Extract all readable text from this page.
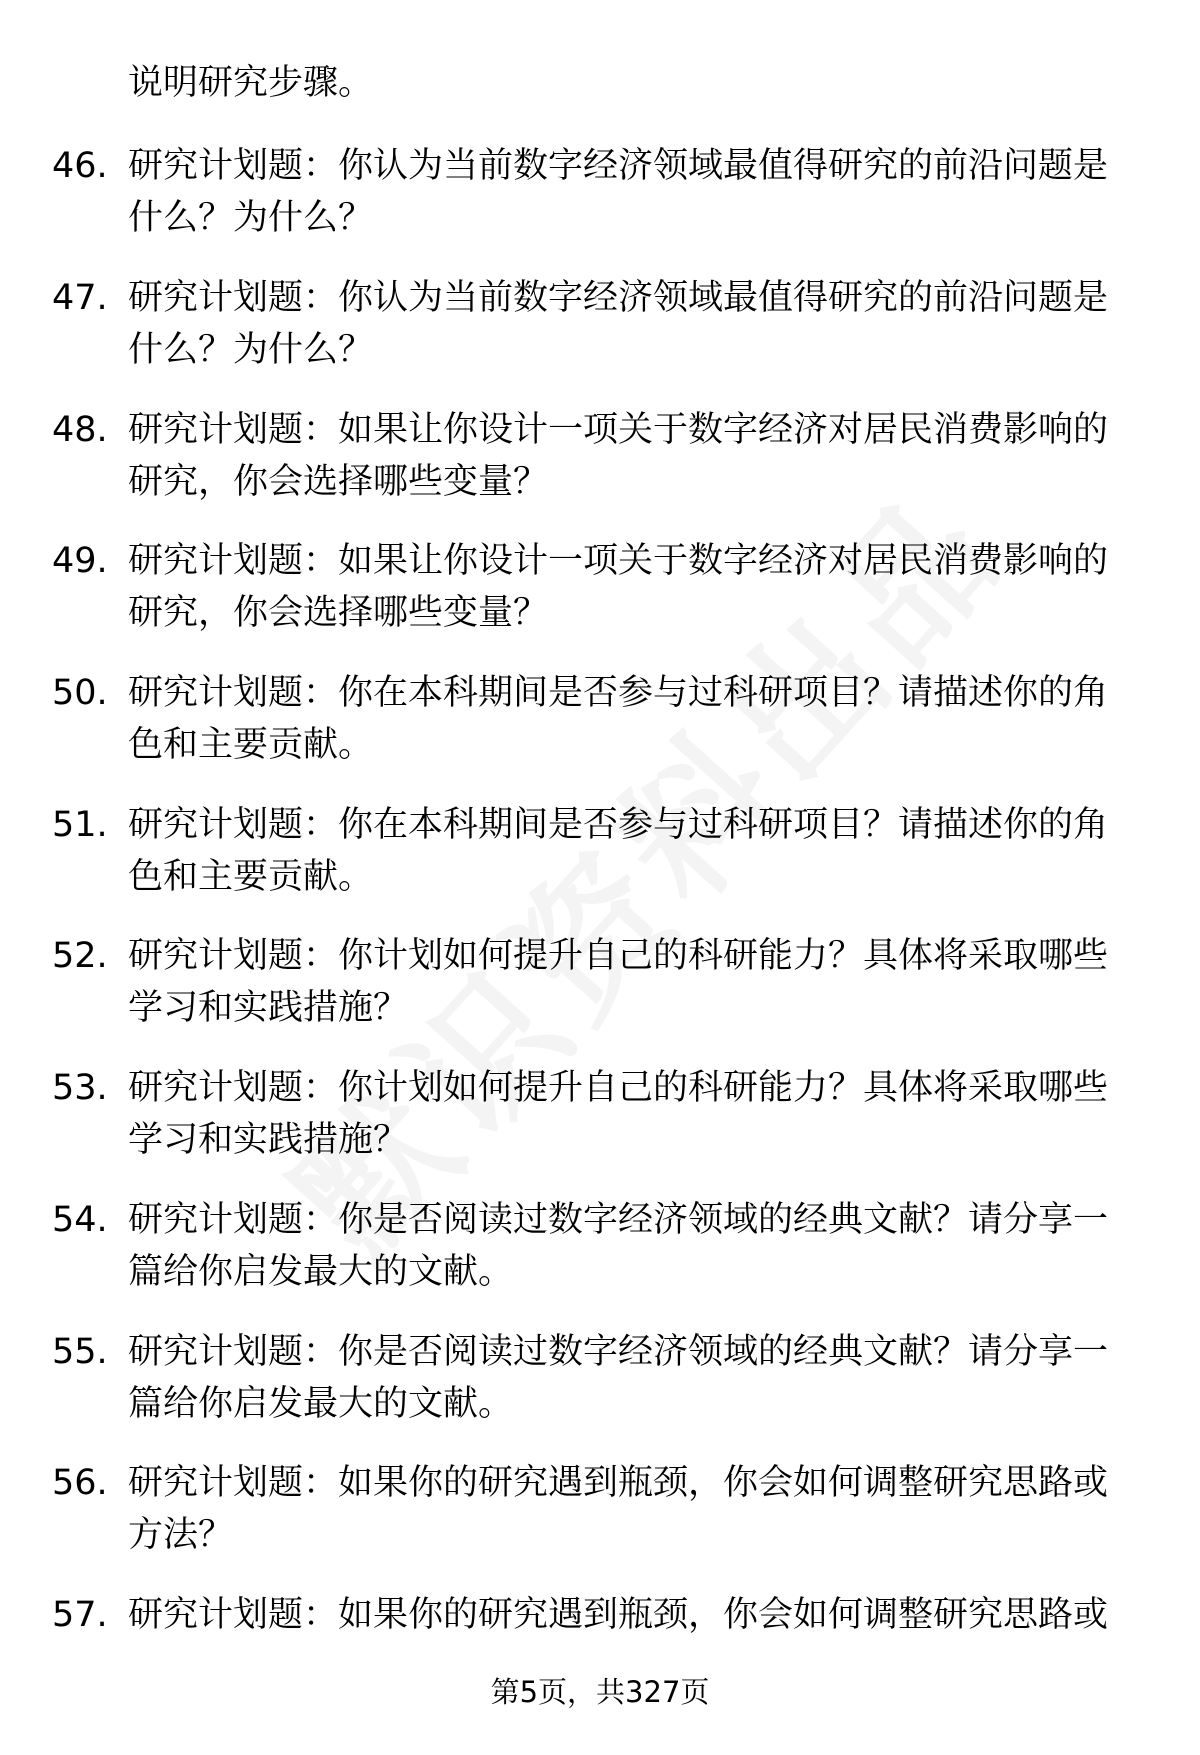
说明研究步骤。
46. 研究计划题：你认为当前数字经济领域最值得研究的前沿问题是
什么？为什么？
47. 研究计划题：你认为当前数字经济领域最值得研究的前沿问题是
什么？为什么？
48. 研究计划题：如果让你设计一项关于数字经济对居民消费影响的
研究，你会选择哪些变量？
49. 研究计划题：如果让你设计一项关于数字经济对居民消费影响的
研究，你会选择哪些变量？
50. 研究计划题：你在本科期间是否参与过科研项目？请描述你的角
色和主要贡献。
51. 研究计划题：你在本科期间是否参与过科研项目？请描述你的角
色和主要贡献。
52. 研究计划题：你计划如何提升自己的科研能力？具体将采取哪些
学习和实践措施？
53. 研究计划题：你计划如何提升自己的科研能力？具体将采取哪些
学习和实践措施？
54. 研究计划题：你是否阅读过数字经济领域的经典文献？请分享一
篇给你启发最大的文献。
55. 研究计划题：你是否阅读过数字经济领域的经典文献？请分享一
篇给你启发最大的文献。
56. 研究计划题：如果你的研究遇到瓶颈，你会如何调整研究思路或
方法？
57. 研究计划题：如果你的研究遇到瓶颈，你会如何调整研究思路或
第5页，共327页
